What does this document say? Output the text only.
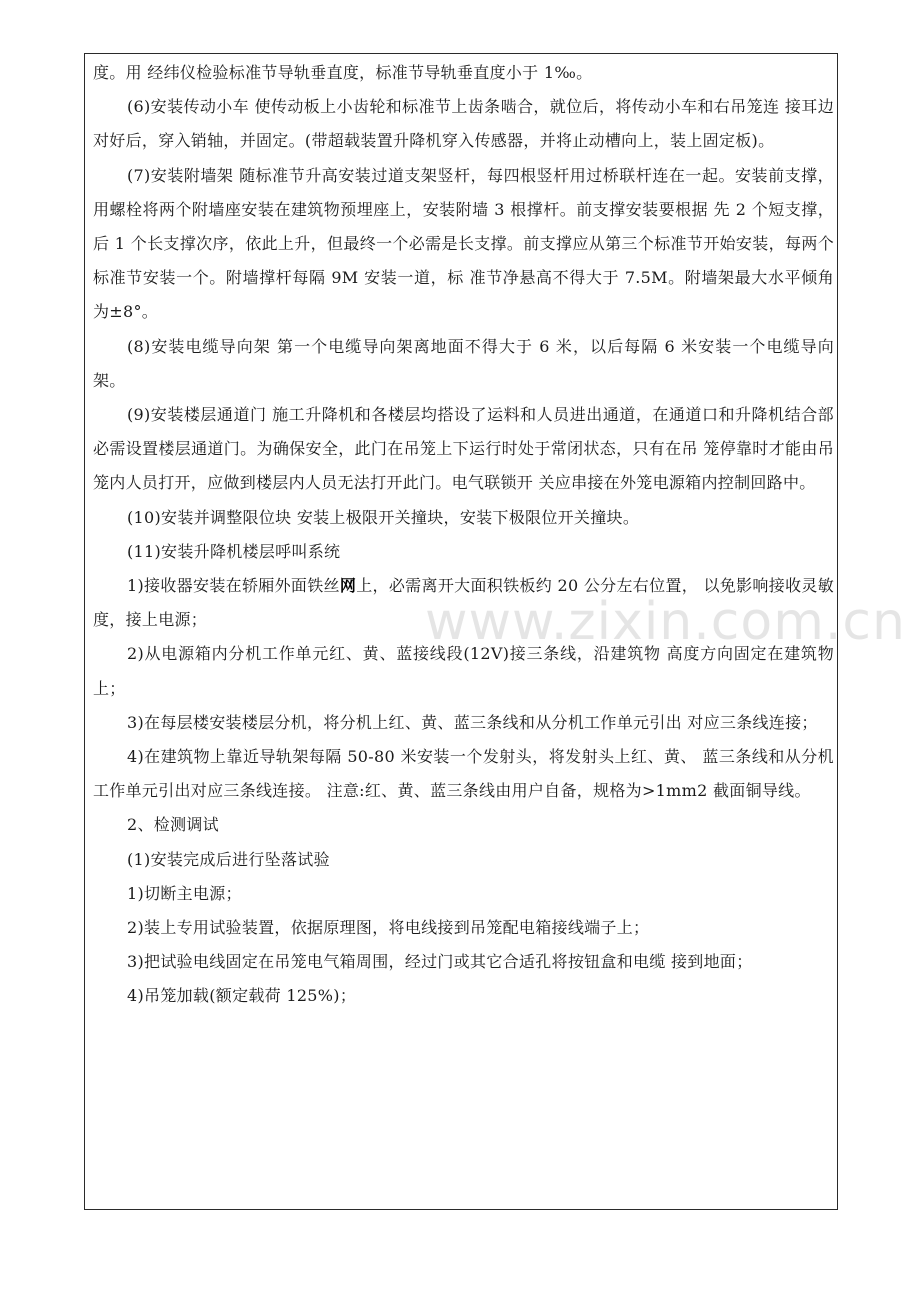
度。用 经纬仪检验标准节导轨垂直度，标准节导轨垂直度小于 1‰。

(6)安装传动小车 使传动板上小齿轮和标准节上齿条啮合，就位后，将传动小车和右吊笼连 接耳边对好后，穿入销轴，并固定。(带超载装置升降机穿入传感器，并将止动槽向上，装上固定板)。

(7)安装附墙架 随标准节升高安装过道支架竖杆，每四根竖杆用过桥联杆连在一起。安装前支撑， 用螺栓将两个附墙座安装在建筑物预埋座上，安装附墙 3 根撑杆。前支撑安装要根据 先 2 个短支撑，后 1 个长支撑次序，依此上升，但最终一个必需是长支撑。前支撑应从第三个标准节开始安装，每两个标准节安装一个。附墙撑杆每隔 9M 安装一道，标 准节净悬高不得大于 7.5M。附墙架最大水平倾角为±8°。

(8)安装电缆导向架 第一个电缆导向架离地面不得大于 6 米，以后每隔 6 米安装一个电缆导向架。

(9)安装楼层通道门 施工升降机和各楼层均搭设了运料和人员进出通道，在通道口和升降机结合部 必需设置楼层通道门。为确保安全，此门在吊笼上下运行时处于常闭状态，只有在吊 笼停靠时才能由吊笼内人员打开，应做到楼层内人员无法打开此门。电气联锁开 关应串接在外笼电源箱内控制回路中。

(10)安装并调整限位块 安装上极限开关撞块，安装下极限位开关撞块。

(11)安装升降机楼层呼叫系统

1)接收器安装在轿厢外面铁丝网上，必需离开大面积铁板约 20 公分左右位置， 以免影响接收灵敏度，接上电源；

2)从电源箱内分机工作单元红、黄、蓝接线段(12V)接三条线，沿建筑物 高度方向固定在建筑物上；

3)在每层楼安装楼层分机，将分机上红、黄、蓝三条线和从分机工作单元引出 对应三条线连接；

4)在建筑物上靠近导轨架每隔 50-80 米安装一个发射头，将发射头上红、黄、 蓝三条线和从分机工作单元引出对应三条线连接。 注意:红、黄、蓝三条线由用户自备，规格为>1mm2 截面铜导线。

2、检测调试

(1)安装完成后进行坠落试验

1)切断主电源；

2)装上专用试验装置，依据原理图，将电线接到吊笼配电箱接线端子上；

3)把试验电线固定在吊笼电气箱周围，经过门或其它合适孔将按钮盒和电缆 接到地面；

4)吊笼加载(额定载荷 125%)；

www.zixin.com.cn
